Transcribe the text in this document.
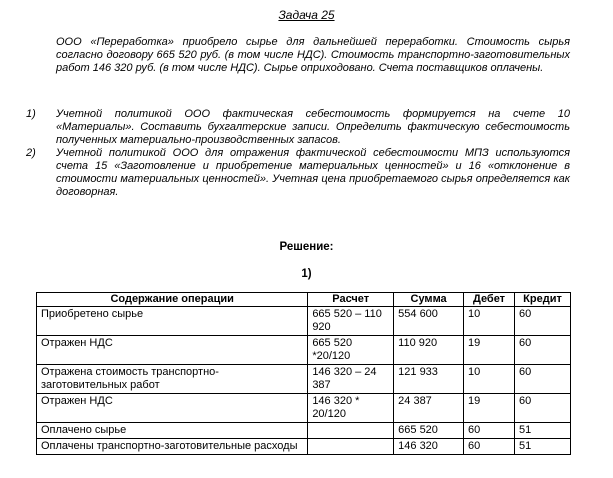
Задача 25
ООО «Переработка» приобрело сырье для дальнейшей переработки. Стоимость сырья согласно договору 665 520 руб. (в том числе НДС). Стоимость транспортно-заготовительных работ 146 320 руб. (в том числе НДС). Сырье оприходовано. Счета поставщиков оплачены.
1) Учетной политикой ООО фактическая себестоимость формируется на счете 10 «Материалы». Составить бухгалтерские записи. Определить фактическую себестоимость полученных материально-производственных запасов.
2) Учетной политикой ООО для отражения фактической себестоимости МПЗ используются счета 15 «Заготовление и приобретение материальных ценностей» и 16 «отклонение в стоимости материальных ценностей». Учетная цена приобретаемого сырья определяется как договорная.
Решение:
1)
Содержание операции	Расчет	Сумма	Дебет	Кредит
Приобретено сырье	665 520 – 110 920	554 600	10	60
Отражен НДС	665 520 *20/120	110 920	19	60
Отражена стоимость транспортно-заготовительных работ	146 320 – 24 387	121 933	10	60
Отражен НДС	146 320 * 20/120	24 387	19	60
Оплачено сырье		665 520	60	51
Оплачены транспортно-заготовительные расходы		146 320	60	51
